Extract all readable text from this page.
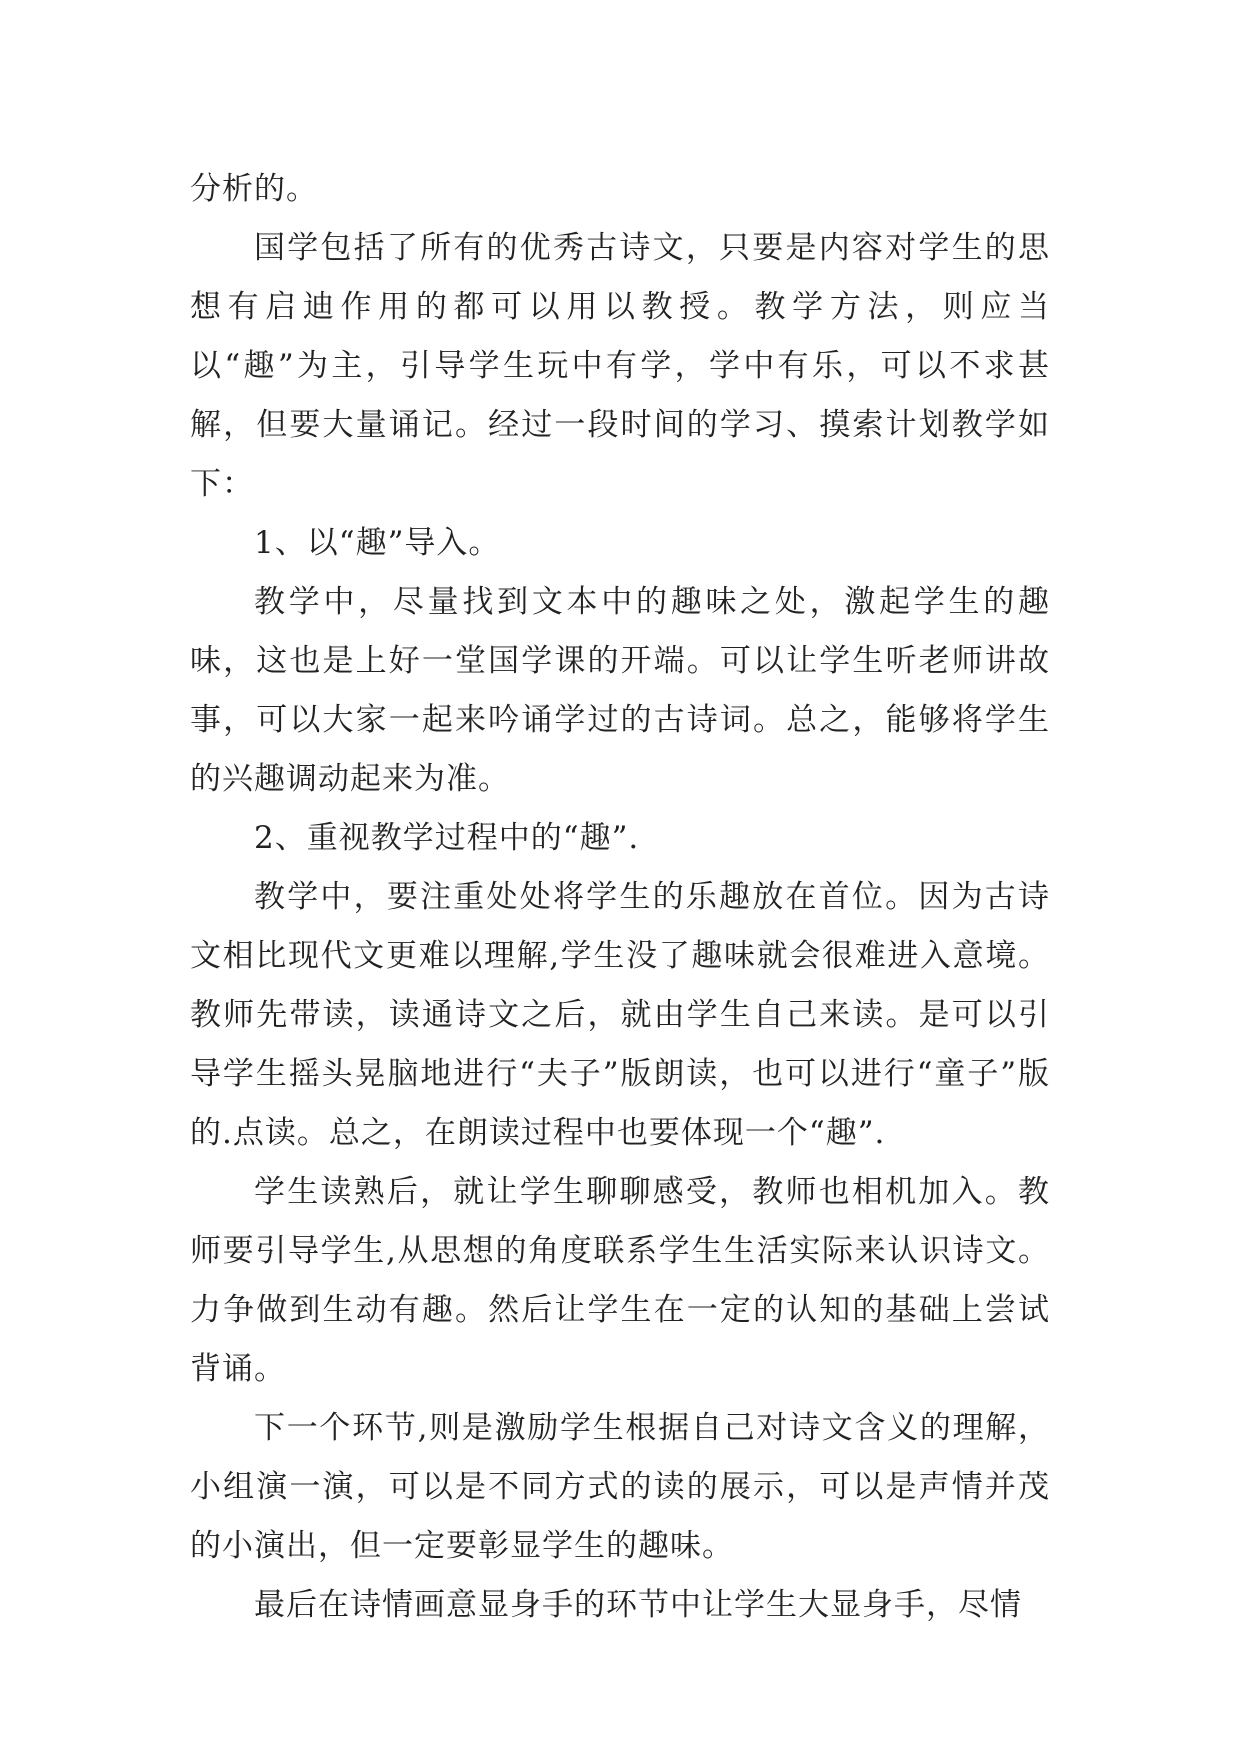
分析的。

国学包括了所有的优秀古诗文，只要是内容对学生的思想有启迪作用的都可以用以教授。教学方法，则应当以“趣”为主，引导学生玩中有学，学中有乐，可以不求甚解，但要大量诵记。经过一段时间的学习、摸索计划教学如下：

1、以“趣”导入。

教学中，尽量找到文本中的趣味之处，激起学生的趣味，这也是上好一堂国学课的开端。可以让学生听老师讲故事，可以大家一起来吟诵学过的古诗词。总之，能够将学生的兴趣调动起来为准。

2、重视教学过程中的“趣”.

教学中，要注重处处将学生的乐趣放在首位。因为古诗文相比现代文更难以理解,学生没了趣味就会很难进入意境。教师先带读，读通诗文之后，就由学生自己来读。是可以引导学生摇头晃脑地进行“夫子”版朗读，也可以进行“童子”版的.点读。总之，在朗读过程中也要体现一个“趣”.

学生读熟后，就让学生聊聊感受，教师也相机加入。教师要引导学生,从思想的角度联系学生生活实际来认识诗文。力争做到生动有趣。然后让学生在一定的认知的基础上尝试背诵。

下一个环节,则是激励学生根据自己对诗文含义的理解，小组演一演，可以是不同方式的读的展示，可以是声情并茂的小演出，但一定要彰显学生的趣味。

最后在诗情画意显身手的环节中让学生大显身手，尽情
